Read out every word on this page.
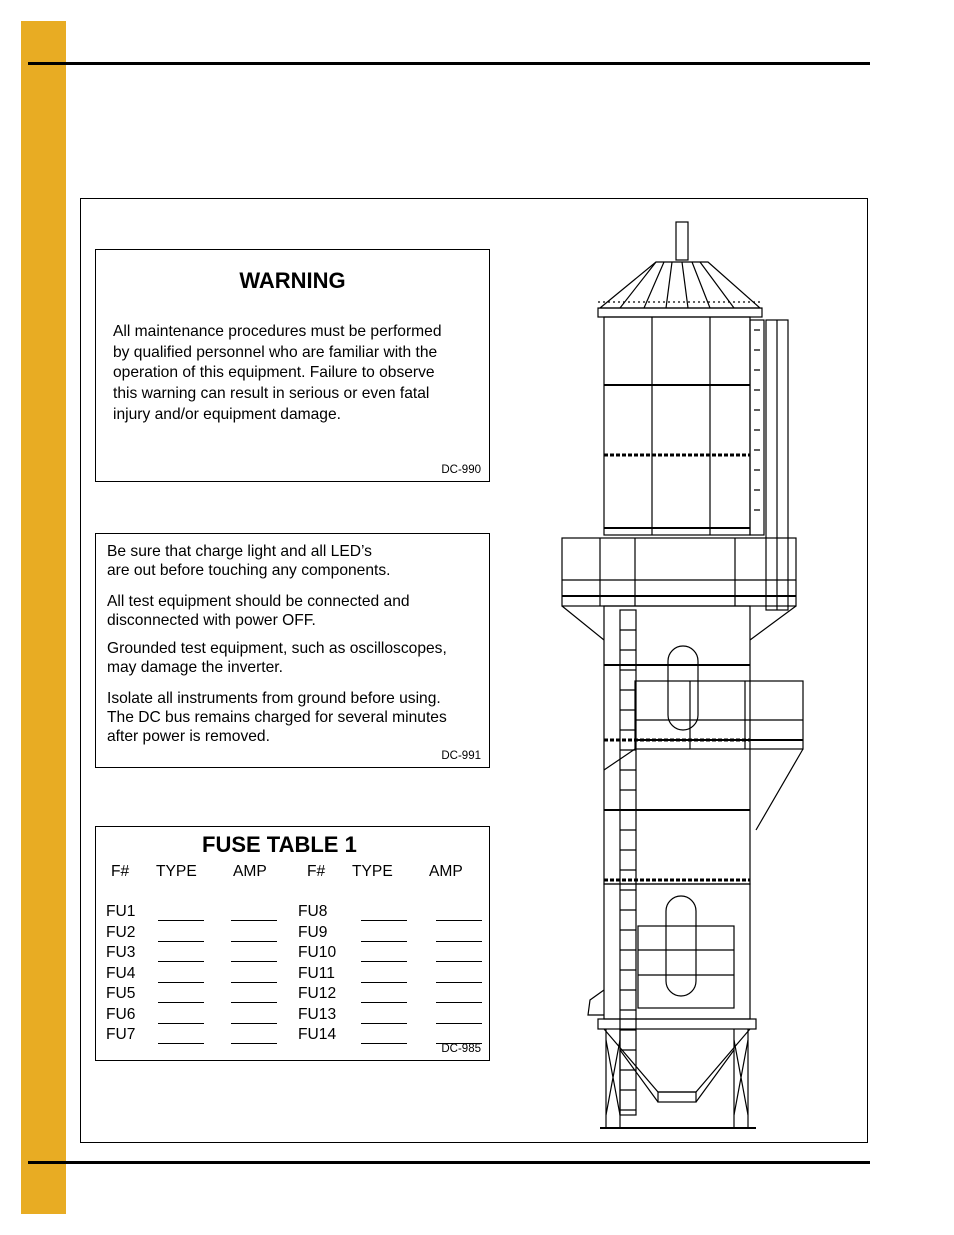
WARNING
All maintenance procedures must be performed
by qualified personnel who are familiar with the
operation of this equipment. Failure to observe
this warning can result in serious or even fatal
injury and/or equipment damage.
DC-990
Be sure that charge light and all LED’s
are out before touching any components.
All test equipment should be connected and
disconnected with power OFF.
Grounded test equipment, such as oscilloscopes,
may damage the inverter.
Isolate all instruments from ground before using.
The DC bus remains charged for several minutes
after power is removed.
DC-991
FUSE TABLE 1
F# TYPE AMP	F# TYPE AMP
FU1
FU2
FU3
FU4
FU5
FU6
FU7
FU8
FU9
FU10
FU11
FU12
FU13
FU14
DC-985
